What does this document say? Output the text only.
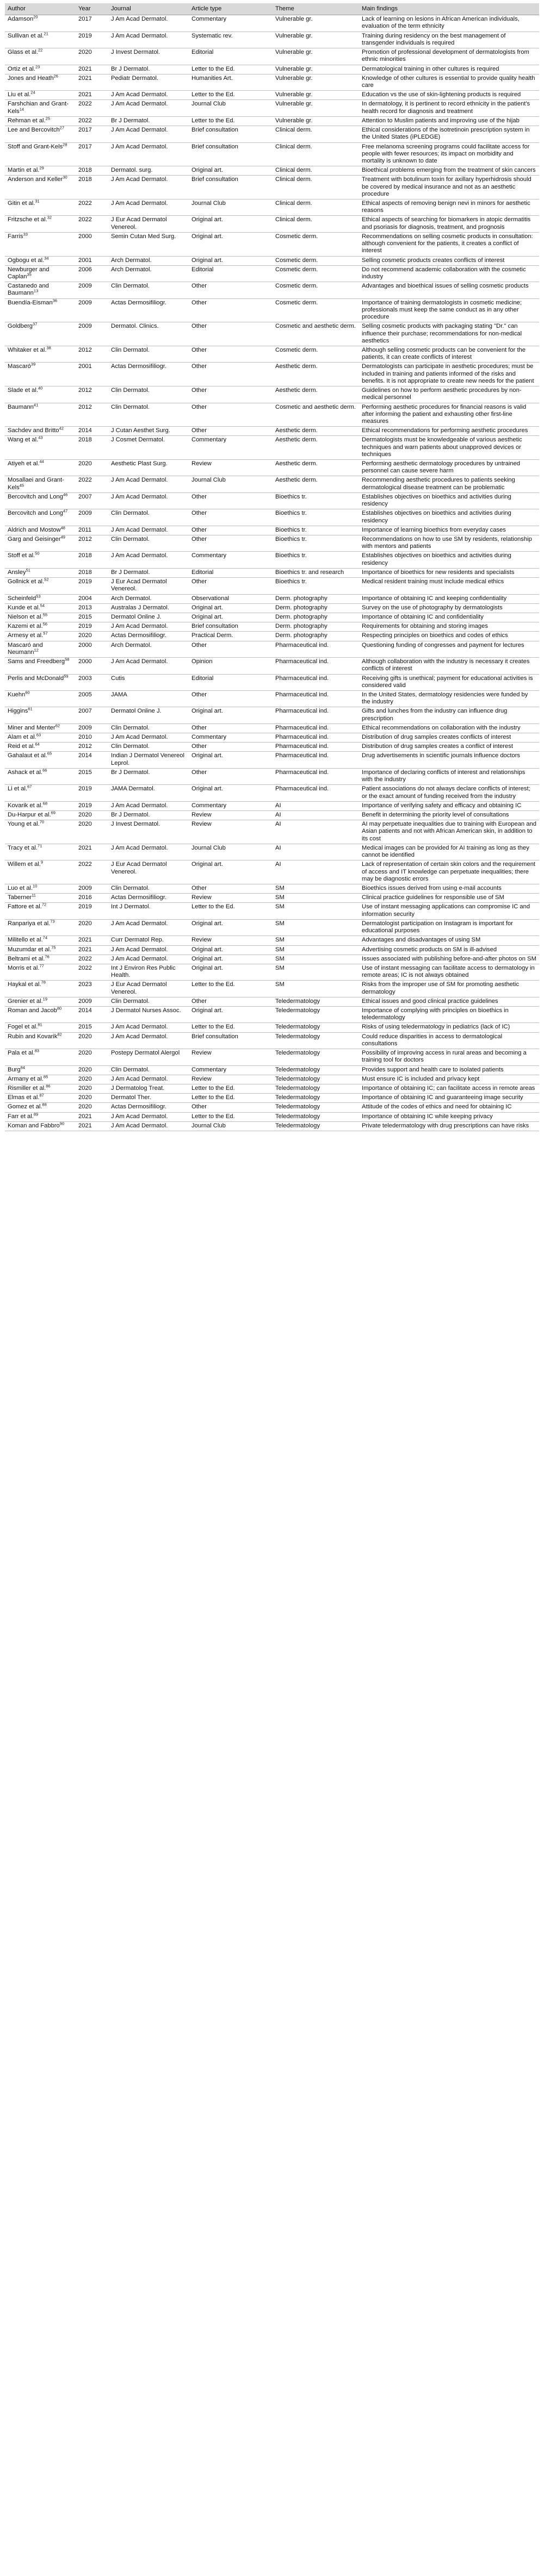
Author	Year	Journal	Article type	Theme	Main findings
Adamson$^{20}$	2017	J Am Acad Dermatol.	Commentary	Vulnerable gr.	Lack of learning on lesions in African American individuals, evaluation of the term ethnicity
Sullivan et al.$^{21}$	2019	J Am Acad Dermatol.	Systematic rev.	Vulnerable gr.	Training during residency on the best management of transgender individuals is required
Glass et al.$^{22}$	2020	J Invest Dermatol.	Editorial	Vulnerable gr.	Promotion of professional development of dermatologists from ethnic minorities
Ortiz et al.$^{23}$	2021	Br J Dermatol.	Letter to the Ed.	Vulnerable gr.	Dermatological training in other cultures is required
Jones and Heath$^{26}$	2021	Pediatr Dermatol.	Humanities Art.	Vulnerable gr.	Knowledge of other cultures is essential to provide quality health care
Liu et al.$^{24}$	2021	J Am Acad Dermatol.	Letter to the Ed.	Vulnerable gr.	Education vs the use of skin-lightening products is required
Farshchian and Grant-Kels$^{14}$	2022	J Am Acad Dermatol.	Journal Club	Vulnerable gr.	In dermatology, it is pertinent to record ethnicity in the patient's health record for diagnosis and treatment
Rehman et al.$^{25}$	2022	Br J Dermatol.	Letter to the Ed.	Vulnerable gr.	Attention to Muslim patients and improving use of the hijab
Lee and Bercovitch$^{27}$	2017	J Am Acad Dermatol.	Brief consultation	Clinical derm.	Ethical considerations of the isotretinoin prescription system in the United States (iPLEDGE)
Stoff and Grant-Kels$^{28}$	2017	J Am Acad Dermatol.	Brief consultation	Clinical derm.	Free melanoma screening programs could facilitate access for people with fewer resources; its impact on morbidity and mortality is unknown to date
Martin et al.$^{29}$	2018	Dermatol. surg.	Original art.	Clinical derm.	Bioethical problems emerging from the treatment of skin cancers
Anderson and Keller$^{30}$	2018	J Am Acad Dermatol.	Brief consultation	Clinical derm.	Treatment with botulinum toxin for axillary hyperhidrosis should be covered by medical insurance and not as an aesthetic procedure
Gitin et al.$^{31}$	2022	J Am Acad Dermatol.	Journal Club	Clinical derm.	Ethical aspects of removing benign nevi in minors for aesthetic reasons
Fritzsche et al.$^{32}$	2022	J Eur Acad Dermatol Venereol.	Original art.	Clinical derm.	Ethical aspects of searching for biomarkers in atopic dermatitis and psoriasis for diagnosis, treatment, and prognosis
Farris$^{33}$	2000	Semin Cutan Med Surg.	Original art.	Cosmetic derm.	Recommendations on selling cosmetic products in consultation: although convenient for the patients, it creates a conflict of interest
Ogbogu et al.$^{34}$	2001	Arch Dermatol.	Original art.	Cosmetic derm.	Selling cosmetic products creates conflicts of interest
Newburger and Caplan$^{35}$	2006	Arch Dermatol.	Editorial	Cosmetic derm.	Do not recommend academic collaboration with the cosmetic industry
Castanedo and Baumann$^{13}$	2009	Clin Dermatol.	Other	Cosmetic derm.	Advantages and bioethical issues of selling cosmetic products
Buendía-Eisman$^{36}$	2009	Actas Dermosifiliogr.	Other	Cosmetic derm.	Importance of training dermatologists in cosmetic medicine; professionals must keep the same conduct as in any other procedure
Goldberg$^{37}$	2009	Dermatol. Clinics.	Other	Cosmetic and aesthetic derm.	Selling cosmetic products with packaging stating "Dr." can influence their purchase; recommendations for non-medical aesthetics
Whitaker et al.$^{38}$	2012	Clin Dermatol.	Other	Cosmetic derm.	Although selling cosmetic products can be convenient for the patients, it can create conflicts of interest
Mascaró$^{39}$	2001	Actas Dermosifiliogr.	Other	Aesthetic derm.	Dermatologists can participate in aesthetic procedures; must be included in training and patients informed of the risks and benefits. It is not appropriate to create new needs for the patient
Slade et al.$^{40}$	2012	Clin Dermatol.	Other	Aesthetic derm.	Guidelines on how to perform aesthetic procedures by non-medical personnel
Baumann$^{41}$	2012	Clin Dermatol.	Other	Cosmetic and aesthetic derm.	Performing aesthetic procedures for financial reasons is valid after informing the patient and exhausting other first-line measures
Sachdev and Britto$^{42}$	2014	J Cutan Aesthet Surg.	Other	Aesthetic derm.	Ethical recommendations for performing aesthetic procedures
Wang et al.$^{43}$	2018	J Cosmet Dermatol.	Commentary	Aesthetic derm.	Dermatologists must be knowledgeable of various aesthetic techniques and warn patients about unapproved devices or techniques
Atiyeh et al.$^{44}$	2020	Aesthetic Plast Surg.	Review	Aesthetic derm.	Performing aesthetic dermatology procedures by untrained personnel can cause severe harm
Mosallaei and Grant-Kels$^{45}$	2022	J Am Acad Dermatol.	Journal Club	Aesthetic derm.	Recommending aesthetic procedures to patients seeking dermatological disease treatment can be problematic
Bercovitch and Long$^{46}$	2007	J Am Acad Dermatol.	Other	Bioethics tr.	Establishes objectives on bioethics and activities during residency
Bercovitch and Long$^{47}$	2009	Clin Dermatol.	Other	Bioethics tr.	Establishes objectives on bioethics and activities during residency
Aldrich and Mostow$^{48}$	2011	J Am Acad Dermatol.	Other	Bioethics tr.	Importance of learning bioethics from everyday cases
Garg and Geisinger$^{49}$	2012	Clin Dermatol.	Other	Bioethics tr.	Recommendations on how to use SM by residents, relationship with mentors and patients
Stoff et al.$^{50}$	2018	J Am Acad Dermatol.	Commentary	Bioethics tr.	Establishes objectives on bioethics and activities during residency
Ansley$^{51}$	2018	Br J Dermatol.	Editorial	Bioethics tr. and research	Importance of bioethics for new residents and specialists
Gollnick et al.$^{52}$	2019	J Eur Acad Dermatol Venereol.	Other	Bioethics tr.	Medical resident training must include medical ethics
Scheinfeld$^{53}$	2004	Arch Dermatol.	Observational	Derm. photography	Importance of obtaining IC and keeping confidentiality
Kunde et al.$^{54}$	2013	Australas J Dermatol.	Original art.	Derm. photography	Survey on the use of photography by dermatologists
Nielson et al.$^{55}$	2015	Dermatol Online J.	Original art.	Derm. photography	Importance of obtaining IC and confidentiality
Kazemi et al.$^{56}$	2019	J Am Acad Dermatol.	Brief consultation	Derm. photography	Requirements for obtaining and storing images
Armesy et al.$^{57}$	2020	Actas Dermosifiliogr.	Practical Derm.	Derm. photography	Respecting principles on bioethics and codes of ethics
Mascaró and Neumann$^{12}$	2000	Arch Dermatol.	Other	Pharmaceutical ind.	Questioning funding of congresses and payment for lectures
Sams and Freedberg$^{58}$	2000	J Am Acad Dermatol.	Opinion	Pharmaceutical ind.	Although collaboration with the industry is necessary it creates conflicts of interest
Perlis and McDonald$^{59}$	2003	Cutis	Editorial	Pharmaceutical ind.	Receiving gifts is unethical; payment for educational activities is considered valid
Kuehn$^{60}$	2005	JAMA	Other	Pharmaceutical ind.	In the United States, dermatology residencies were funded by the industry
Higgins$^{61}$	2007	Dermatol Online J.	Original art.	Pharmaceutical ind.	Gifts and lunches from the industry can influence drug prescription
Miner and Menter$^{62}$	2009	Clin Dermatol.	Other	Pharmaceutical ind.	Ethical recommendations on collaboration with the industry
Alam et al.$^{63}$	2010	J Am Acad Dermatol.	Commentary	Pharmaceutical ind.	Distribution of drug samples creates conflicts of interest
Reid et al.$^{64}$	2012	Clin Dermatol.	Other	Pharmaceutical ind.	Distribution of drug samples creates a conflict of interest
Gahalaut et al.$^{65}$	2014	Indian J Dermatol Venereol Leprol.	Original art.	Pharmaceutical ind.	Drug advertisements in scientific journals influence doctors
Ashack et al.$^{66}$	2015	Br J Dermatol.	Other	Pharmaceutical ind.	Importance of declaring conflicts of interest and relationships with the industry
Li et al.$^{67}$	2019	JAMA Dermatol.	Original art.	Pharmaceutical ind.	Patient associations do not always declare conflicts of interest; or the exact amount of funding received from the industry
Kovarik et al.$^{68}$	2019	J Am Acad Dermatol.	Commentary	AI	Importance of verifying safety and efficacy and obtaining IC
Du-Harpur et al.$^{69}$	2020	Br J Dermatol.	Review	AI	Benefit in determining the priority level of consultations
Young et al.$^{70}$	2020	J Invest Dermatol.	Review	AI	AI may perpetuate inequalities due to training with European and Asian patients and not with African American skin, in addition to its cost
Tracy et al.$^{71}$	2021	J Am Acad Dermatol.	Journal Club	AI	Medical images can be provided for AI training as long as they cannot be identified
Willem et al.$^9$	2022	J Eur Acad Dermatol Venereol.	Original art.	AI	Lack of representation of certain skin colors and the requirement of access and IT knowledge can perpetuate inequalities; there may be diagnostic errors
Luo et al.$^{10}$	2009	Clin Dermatol.	Other	SM	Bioethics issues derived from using e-mail accounts
Taberner$^{11}$	2016	Actas Dermosifiliogr.	Review	SM	Clinical practice guidelines for responsible use of SM
Fattore et al.$^{72}$	2019	Int J Dermatol.	Letter to the Ed.	SM	Use of instant messaging applications can compromise IC and information security
Ranpariya et al.$^{73}$	2020	J Am Acad Dermatol.	Original art.	SM	Dermatologist participation on Instagram is important for educational purposes
Militello et al.$^{74}$	2021	Curr Dermatol Rep.	Review	SM	Advantages and disadvantages of using SM
Muzumdar et al.$^{75}$	2021	J Am Acad Dermatol.	Original art.	SM	Advertising cosmetic products on SM is ill-advised
Beltrami et al.$^{76}$	2022	J Am Acad Dermatol.	Original art.	SM	Issues associated with publishing before-and-after photos on SM
Morris et al.$^{77}$	2022	Int J Environ Res Public Health.	Original art.	SM	Use of instant messaging can facilitate access to dermatology in remote areas; IC is not always obtained
Haykal et al.$^{78}$	2023	J Eur Acad Dermatol Venereol.	Letter to the Ed.	SM	Risks from the improper use of SM for promoting aesthetic dermatology
Grenier et al.$^{19}$	2009	Clin Dermatol.	Other	Teledermatology	Ethical issues and good clinical practice guidelines
Roman and Jacob$^{80}$	2014	J Dermatol Nurses Assoc.	Original art.	Teledermatology	Importance of complying with principles on bioethics in teledermatology
Fogel et al.$^{81}$	2015	J Am Acad Dermatol.	Letter to the Ed.	Teledermatology	Risks of using teledermatology in pediatrics (lack of IC)
Rubin and Kovarik$^{82}$	2020	J Am Acad Dermatol.	Brief consultation	Teledermatology	Could reduce disparities in access to dermatological consultations
Pala et al.$^{83}$	2020	Postepy Dermatol Alergol	Review	Teledermatology	Possibility of improving access in rural areas and becoming a training tool for doctors
Burg$^{84}$	2020	Clin Dermatol.	Commentary	Teledermatology	Provides support and health care to isolated patients
Armany et al.$^{85}$	2020	J Am Acad Dermatol.	Review	Teledermatology	Must ensure IC is included and privacy kept
Rismiller et al.$^{86}$	2020	J Dermatolog Treat.	Letter to the Ed.	Teledermatology	Importance of obtaining IC; can facilitate access in remote areas
Elmas et al.$^{87}$	2020	Dermatol Ther.	Letter to the Ed.	Teledermatology	Importance of obtaining IC and guaranteeing image security
Gomez et al.$^{88}$	2020	Actas Dermosifiliogr.	Other	Teledermatology	Attitude of the codes of ethics and need for obtaining IC
Farr et al.$^{89}$	2021	J Am Acad Dermatol.	Letter to the Ed.	Teledermatology	Importance of obtaining IC while keeping privacy
Koman and Fabbro$^{90}$	2021	J Am Acad Dermatol.	Journal Club	Teledermatology	Private teledermatology with drug prescriptions can have risks
